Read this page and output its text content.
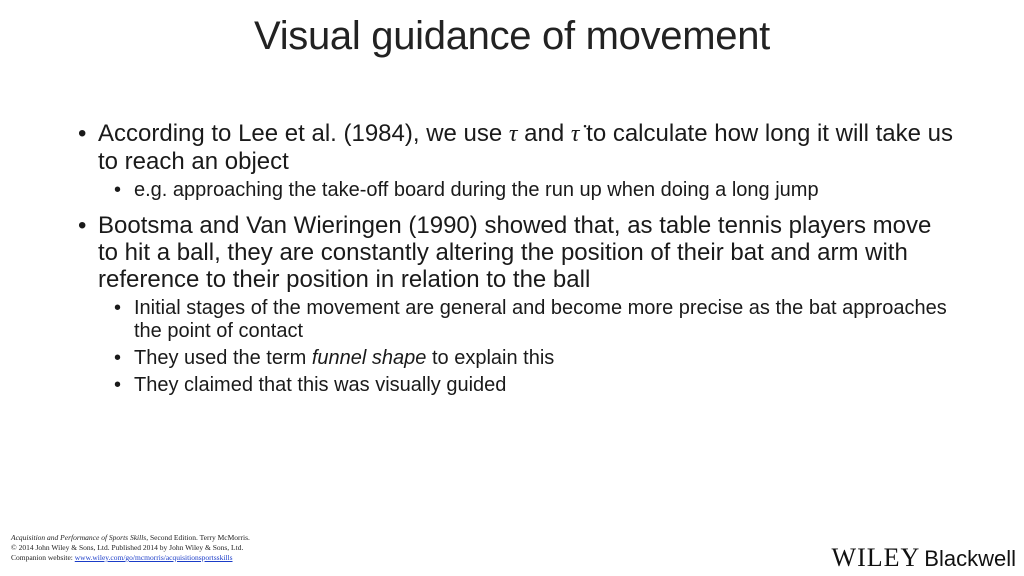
Visual guidance of movement
• According to Lee et al. (1984), we use τ and τ̇ to calculate how long it will take us to reach an object
• e.g. approaching the take-off board during the run up when doing a long jump
• Bootsma and Van Wieringen (1990) showed that, as table tennis players move to hit a ball, they are constantly altering the position of their bat and arm with reference to their position in relation to the ball
• Initial stages of the movement are general and become more precise as the bat approaches the point of contact
• They used the term funnel shape to explain this
• They claimed that this was visually guided
Acquisition and Performance of Sports Skills, Second Edition. Terry McMorris.
© 2014 John Wiley & Sons, Ltd. Published 2014 by John Wiley & Sons, Ltd.
Companion website: www.wiley.com/go/mcmorris/acquisitionsportsskills	WILEY Blackwell
